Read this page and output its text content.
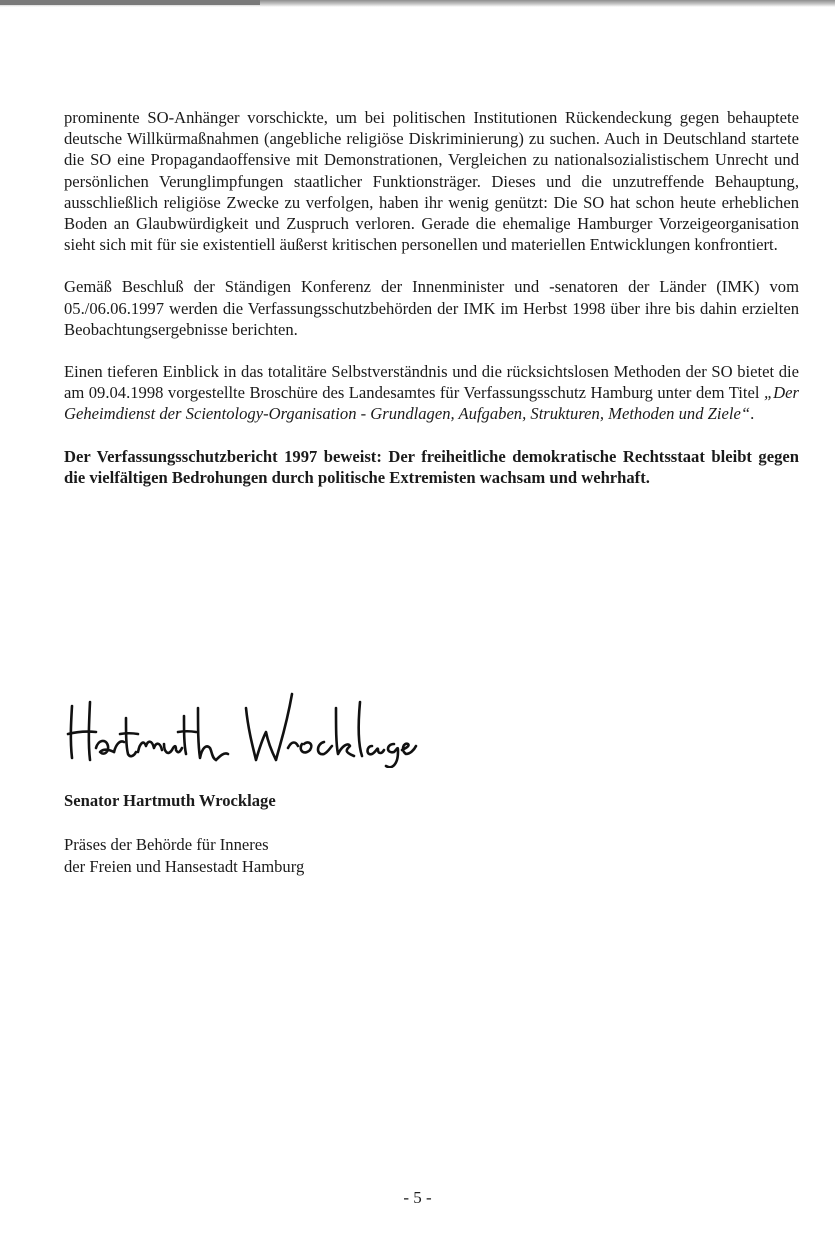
prominente SO-Anhänger vorschickte, um bei politischen Institutionen Rückendeckung gegen behauptete deutsche Willkürmaßnahmen (angebliche religiöse Diskriminierung) zu suchen. Auch in Deutschland startete die SO eine Propagandaoffensive mit Demonstrationen, Vergleichen zu nationalsozialistischem Unrecht und persönlichen Verunglimpfungen staatlicher Funktionsträger. Dieses und die unzutreffende Behauptung, ausschließlich religiöse Zwecke zu verfolgen, haben ihr wenig genützt: Die SO hat schon heute erheblichen Boden an Glaubwürdigkeit und Zuspruch verloren. Gerade die ehemalige Hamburger Vorzeigeorganisation sieht sich mit für sie existentiell äußerst kritischen personellen und materiellen Entwicklungen konfrontiert.

Gemäß Beschluß der Ständigen Konferenz der Innenminister und -senatoren der Länder (IMK) vom 05./06.06.1997 werden die Verfassungsschutzbehörden der IMK im Herbst 1998 über ihre bis dahin erzielten Beobachtungsergebnisse berichten.

Einen tieferen Einblick in das totalitäre Selbstverständnis und die rücksichtslosen Methoden der SO bietet die am 09.04.1998 vorgestellte Broschüre des Landesamtes für Verfassungsschutz Hamburg unter dem Titel „Der Geheimdienst der Scientology-Organisation - Grundlagen, Aufgaben, Strukturen, Methoden und Ziele“.

Der Verfassungsschutzbericht 1997 beweist: Der freiheitliche demokratische Rechtsstaat bleibt gegen die vielfältigen Bedrohungen durch politische Extremisten wachsam und wehrhaft.

Senator Hartmuth Wrocklage
Präses der Behörde für Inneres
der Freien und Hansestadt Hamburg
- 5 -
